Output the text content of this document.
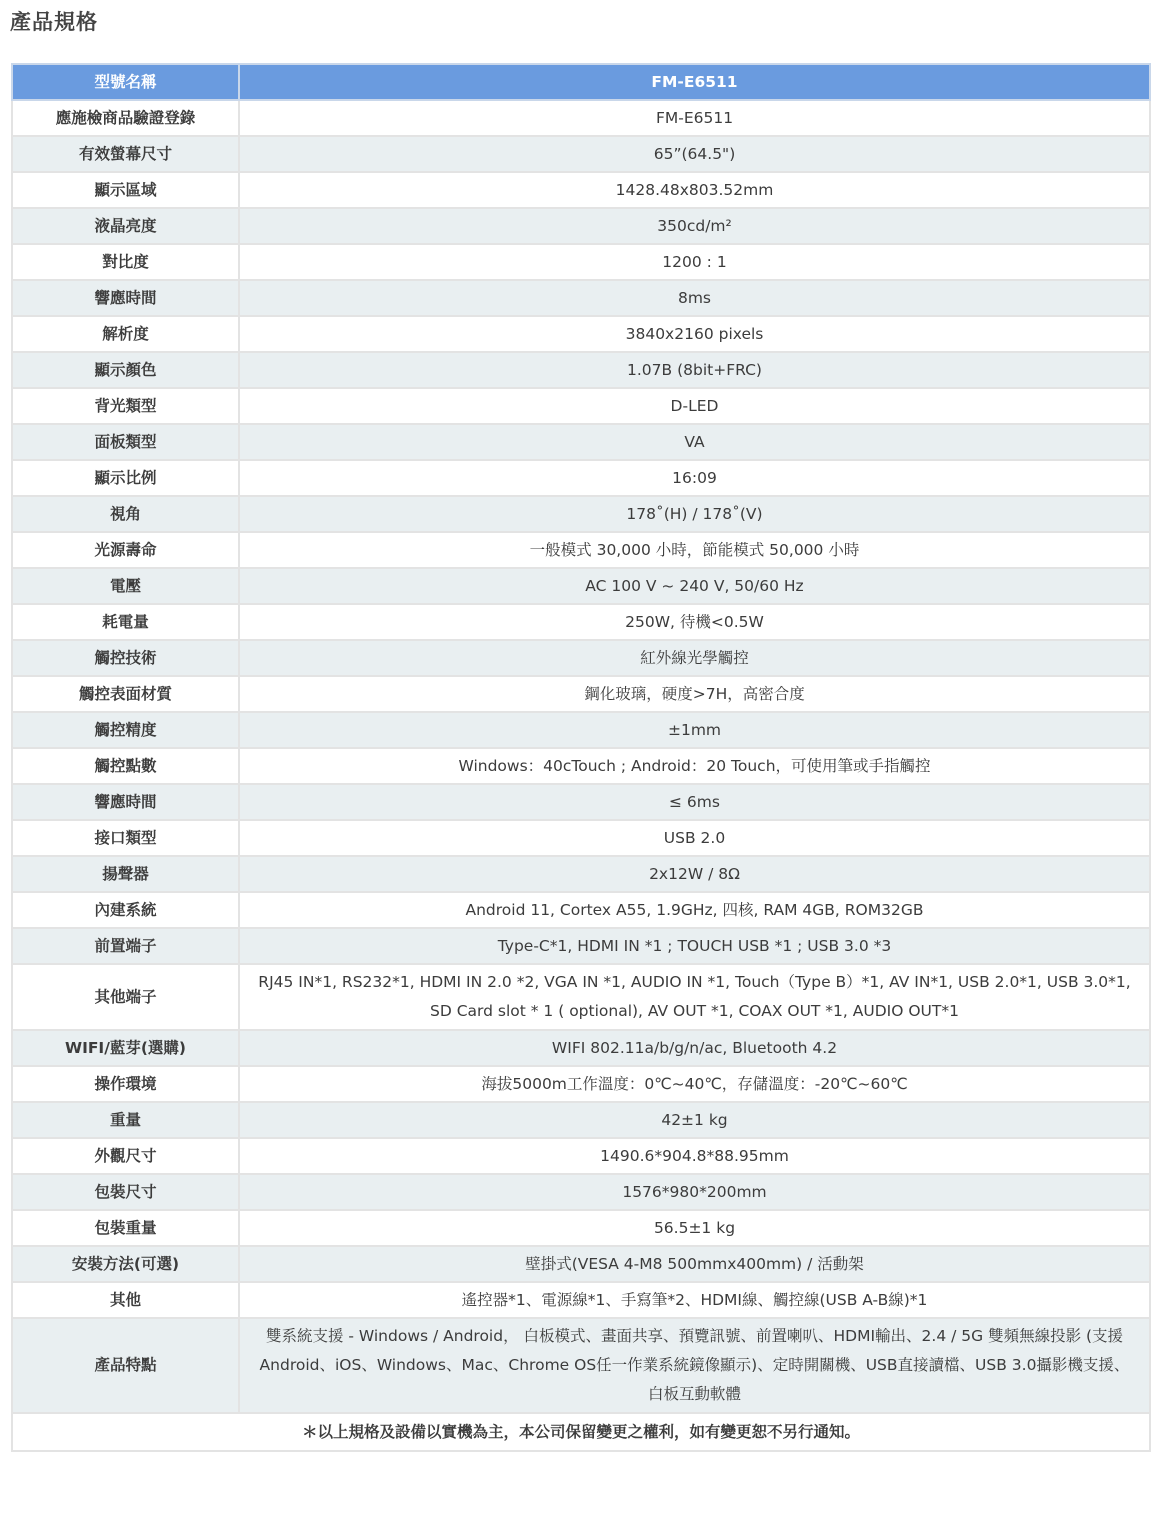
產品規格
型號名稱	FM-E6511
應施檢商品驗證登錄	FM-E6511
有效螢幕尺寸	65”(64.5")
顯示區域	1428.48x803.52mm
液晶亮度	350cd/m²
對比度	1200 : 1
響應時間	8ms
解析度	3840x2160 pixels
顯示顏色	1.07B (8bit+FRC)
背光類型	D-LED
面板類型	VA
顯示比例	16:09
視角	178˚(H) / 178˚(V)
光源壽命	一般模式 30,000 小時，節能模式 50,000 小時
電壓	AC 100 V ~ 240 V, 50/60 Hz
耗電量	250W, 待機<0.5W
觸控技術	紅外線光學觸控
觸控表面材質	鋼化玻璃，硬度>7H，高密合度
觸控精度	±1mm
觸控點數	Windows：40cTouch ; Android：20 Touch，可使用筆或手指觸控
響應時間	≤ 6ms
接口類型	USB 2.0
揚聲器	2x12W / 8Ω
內建系統	Android 11, Cortex A55, 1.9GHz, 四核, RAM 4GB, ROM32GB
前置端子	Type-C*1, HDMI IN *1 ; TOUCH USB *1 ; USB 3.0 *3
其他端子	RJ45 IN*1, RS232*1, HDMI IN 2.0 *2, VGA IN *1, AUDIO IN *1, Touch（Type B）*1, AV IN*1, USB 2.0*1, USB 3.0*1, SD Card slot * 1 ( optional), AV OUT *1, COAX OUT *1, AUDIO OUT*1
WIFI/藍芽(選購)	WIFI 802.11a/b/g/n/ac, Bluetooth 4.2
操作環境	海拔5000m工作溫度：0℃~40℃，存儲溫度：-20℃~60℃
重量	42±1 kg
外觀尺寸	1490.6*904.8*88.95mm
包裝尺寸	1576*980*200mm
包裝重量	56.5±1 kg
安裝方法(可選)	壁掛式(VESA 4-M8 500mmx400mm) / 活動架
其他	遙控器*1、電源線*1、手寫筆*2、HDMI線、觸控線(USB A-B線)*1
產品特點	雙系統支援 - Windows / Android， 白板模式、畫面共享、預覽訊號、前置喇叭、HDMI輸出、2.4 / 5G 雙頻無線投影 (支援Android、iOS、Windows、Mac、Chrome OS任一作業系統鏡像顯示)、定時開關機、USB直接讀檔、USB 3.0攝影機支援、白板互動軟體
＊以上規格及設備以實機為主，本公司保留變更之權利，如有變更恕不另行通知。	
